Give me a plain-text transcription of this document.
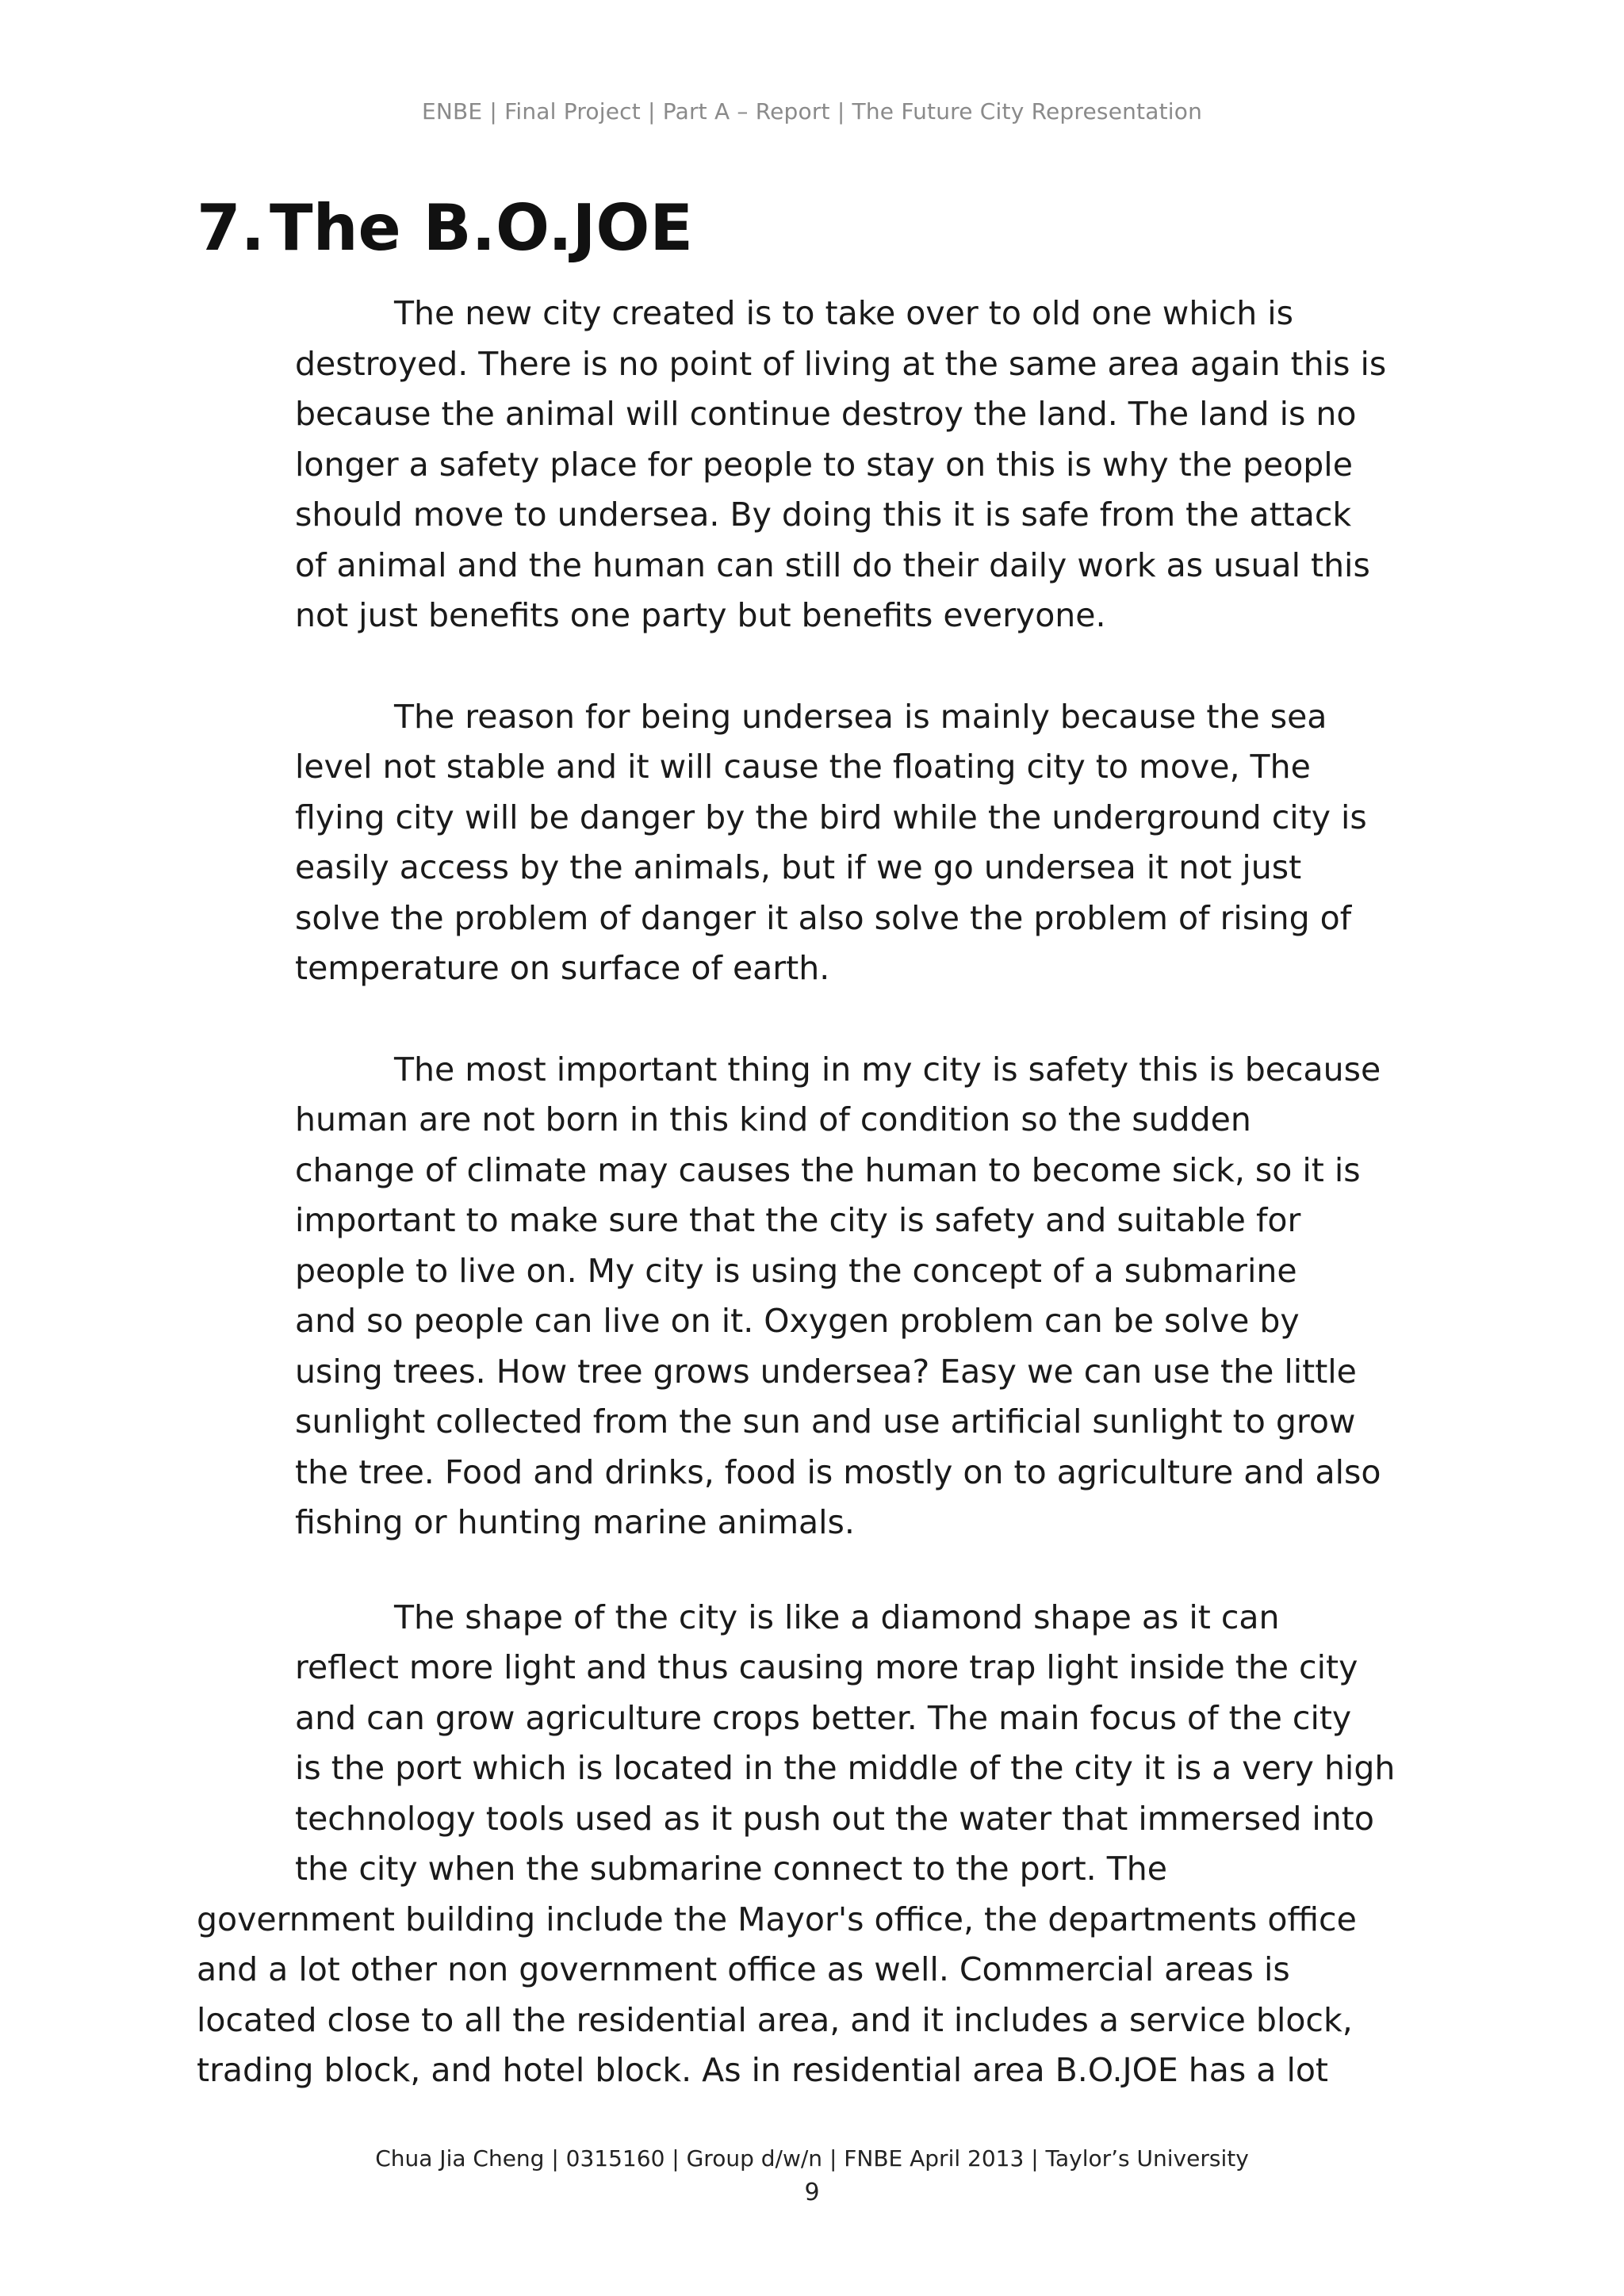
ENBE | Final Project | Part A – Report | The Future City Representation
7.The B.O.JOE

The new city created is to take over to old one which is
destroyed. There is no point of living at the same area again this is
because the animal will continue destroy the land. The land is no
longer a safety place for people to stay on this is why the people
should move to undersea. By doing this it is safe from the attack
of animal and the human can still do their daily work as usual this
not just benefits one party but benefits everyone.

The reason for being undersea is mainly because the sea
level not stable and it will cause the floating city to move, The
flying city will be danger by the bird while the underground city is
easily access by the animals, but if we go undersea it not just
solve the problem of danger it also solve the problem of rising of
temperature on surface of earth.

The most important thing in my city is safety this is because
human are not born in this kind of condition so the sudden
change of climate may causes the human to become sick, so it is
important to make sure that the city is safety and suitable for
people to live on. My city is using the concept of a submarine
and so people can live on it. Oxygen problem can be solve by
using trees. How tree grows undersea? Easy we can use the little
sunlight collected from the sun and use artificial sunlight to grow
the tree. Food and drinks, food is mostly on to agriculture and also
fishing or hunting marine animals.

The shape of the city is like a diamond shape as it can
reflect more light and thus causing more trap light inside the city
and can grow agriculture crops better. The main focus of the city
is the port which is located in the middle of the city it is a very high
technology tools used as it push out the water that immersed into
the city when the submarine connect to the port. The
government building include the Mayor's office, the departments office
and a lot other non government office as well. Commercial areas is
located close to all the residential area, and it includes a service block,
trading block, and hotel block. As in residential area B.O.JOE has a lot

Chua Jia Cheng | 0315160 | Group d/w/n | FNBE April 2013 | Taylor’s University
9
